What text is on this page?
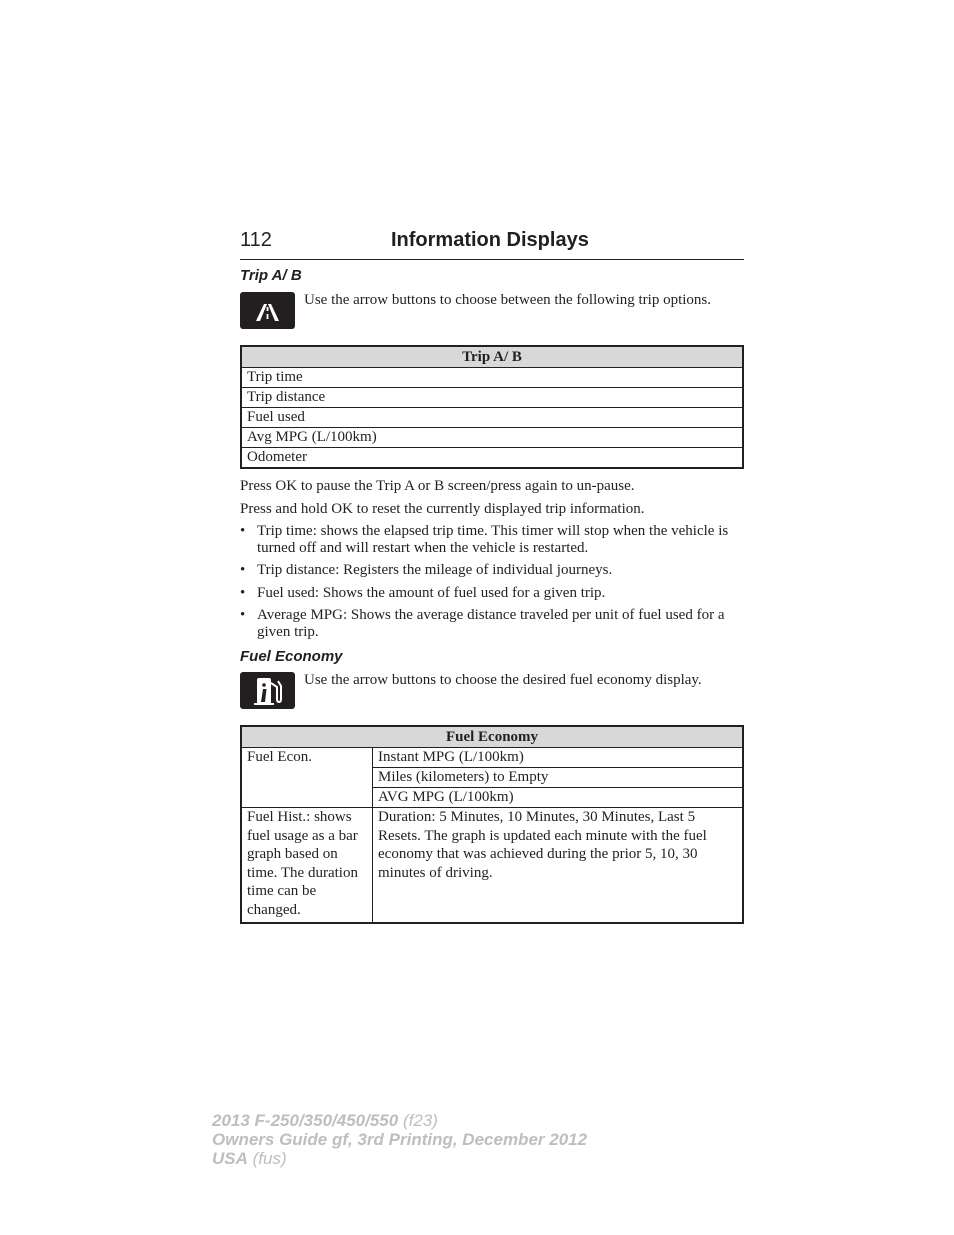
112	Information Displays
Trip A/ B
Use the arrow buttons to choose between the following trip options.
Trip A/ B
Trip time
Trip distance
Fuel used
Avg MPG (L/100km)
Odometer
Press OK to pause the Trip A or B screen/press again to un-pause.
Press and hold OK to reset the currently displayed trip information.
• Trip time: shows the elapsed trip time. This timer will stop when the vehicle is turned off and will restart when the vehicle is restarted.
• Trip distance: Registers the mileage of individual journeys.
• Fuel used: Shows the amount of fuel used for a given trip.
• Average MPG: Shows the average distance traveled per unit of fuel used for a given trip.
Fuel Economy
Use the arrow buttons to choose the desired fuel economy display.
Fuel Economy	
Fuel Econ.	Instant MPG (L/100km)
	Miles (kilometers) to Empty
	AVG MPG (L/100km)
Fuel Hist.: shows fuel usage as a bar graph based on time. The duration time can be changed.	Duration: 5 Minutes, 10 Minutes, 30 Minutes, Last 5 Resets. The graph is updated each minute with the fuel economy that was achieved during the prior 5, 10, 30 minutes of driving.
2013 F-250/350/450/550 (f23)
Owners Guide gf, 3rd Printing, December 2012
USA (fus)
